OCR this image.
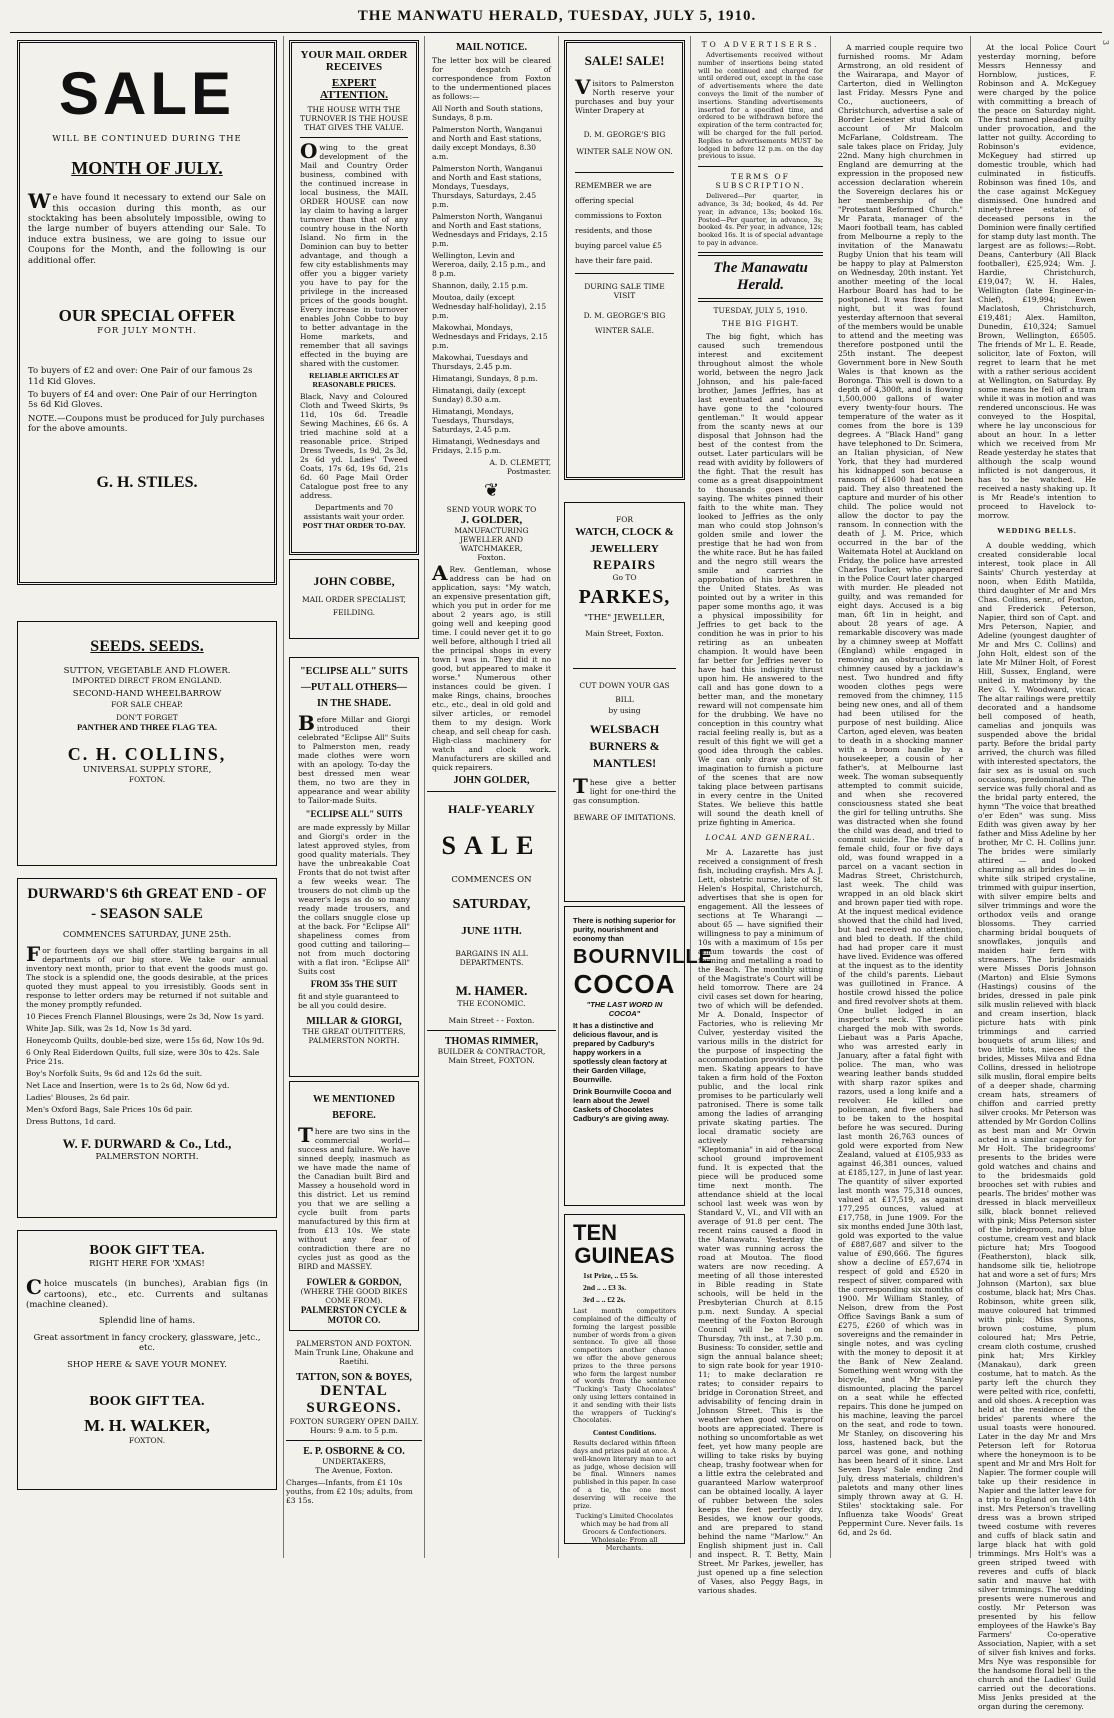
THE MANWATU HERALD, TUESDAY, JULY 5, 1910.
3
SALE
WILL BE CONTINUED DURING THE
MONTH OF JULY.

We have found it necessary to extend our Sale on this occasion during this month, as our stocktaking has been absolutely impossible, owing to the large number of buyers attending our Sale. To induce extra business, we are going to issue our Coupons for the Month, and the following is our additional offer.

OUR SPECIAL OFFER
FOR JULY MONTH.

To buyers of £2 and over: One Pair of our famous 2s 11d Kid Gloves.

To buyers of £4 and over: One Pair of our Herrington 5s 6d Kid Gloves.

NOTE.—Coupons must be produced for July purchases for the above amounts.

G. H. STILES.
SEEDS. SEEDS.
SUTTON, VEGETABLE AND FLOWER.
IMPORTED DIRECT FROM ENGLAND.
SECOND-HAND WHEELBARROW
FOR SALE CHEAP.
DON'T FORGET
PANTHER AND THREE FLAG TEA.
C. H. COLLINS,
UNIVERSAL SUPPLY STORE,
FOXTON.
DURWARD'S 6th GREAT END - OF - SEASON SALE
COMMENCES SATURDAY, JUNE 25th.

For fourteen days we shall offer startling bargains in all departments of our big store. We take our annual inventory next month, prior to that event the goods must go. The stock is a splendid one, the goods desirable, at the prices quoted they must appeal to you irresistibly. Goods sent in response to letter orders may be returned if not suitable and the money promptly refunded.

10 Pieces French Flannel Blousings, were 2s 3d, Now 1s yard.

White Jap. Silk, was 2s 1d, Now 1s 3d yard.

Honeycomb Quilts, double-bed size, were 15s 6d, Now 10s 9d.

6 Only Real Eiderdown Quilts, full size, were 30s to 42s. Sale Price 21s.

Boy's Norfolk Suits, 9s 6d and 12s 6d the suit.

Net Lace and Insertion, were 1s to 2s 6d, Now 6d yd.

Ladies' Blouses, 2s 6d pair.

Men's Oxford Bags, Sale Prices 10s 6d pair.

Dress Buttons, 1d card.

W. F. DURWARD & Co., Ltd.,
PALMERSTON NORTH.
BOOK GIFT TEA.
RIGHT HERE FOR 'XMAS!

Choice muscatels (in bunches), Arabian figs (in cartoons), etc., etc. Currents and sultanas (machine cleaned).

Splendid line of hams.
Great assortment in fancy crockery, glassware, jetc., etc.
SHOP HERE & SAVE YOUR MONEY.
BOOK GIFT TEA.
M. H. WALKER,
FOXTON.
YOUR MAIL ORDER RECEIVES
EXPERT ATTENTION.
THE HOUSE WITH THE TURNOVER IS THE HOUSE THAT GIVES THE VALUE.

Owing to the great development of the Mail and Country Order business, combined with the continued increase in local business, the MAIL ORDER HOUSE can now lay claim to having a larger turnover than that of any country house in the North Island. No firm in the Dominion can buy to better advantage, and though a few city establishments may offer you a bigger variety you have to pay for the privilege in the increased prices of the goods bought. Every increase in turnover enables John Cobbe to buy to better advantage in the Home markets, and remember that all savings effected in the buying are shared with the customer.

RELIABLE ARTICLES AT REASONABLE PRICES.

Black, Navy and Coloured Cloth and Tweed Skirts, 9s 11d, 10s 6d. Treadle Sewing Machines, £6 6s. A tried machine sold at a reasonable price. Striped Dress Tweeds, 1s 9d, 2s 3d, 2s 6d yd. Ladies' Tweed Coats, 17s 6d, 19s 6d, 21s 6d. 60 Page Mail Order Catalogue post free to any address.

Departments and 70 assistants wait your order.
POST THAT ORDER TO-DAY.
JOHN COBBE,
MAIL ORDER SPECIALIST,
FEILDING.
"ECLIPSE ALL" SUITS —PUT ALL OTHERS— IN THE SHADE.

Before Millar and Giorgi introduced their celebrated "Eclipse All" Suits to Palmerston men, ready made clothes were worn with an apology. To-day the best dressed men wear them, no two are they in appearance and wear ability to Tailor-made Suits.

"ECLIPSE ALL" SUITS

are made expressly by Millar and Giorgi's order in the latest approved styles, from good quality materials. They have the unbreakable Coat Fronts that do not twist after a few weeks wear. The trousers do not climb up the wearer's legs as do so many ready made trousers, and the collars snuggle close up at the back. For "Eclipse All" shapeliness comes from good cutting and tailoring—not from much doctoring with a flat iron. "Eclipse All" Suits cost

FROM 35s THE SUIT

fit and style guaranteed to be all you could desire.

MILLAR & GIORGI,
THE GREAT OUTFITTERS,
PALMERSTON NORTH.
WE MENTIONED BEFORE.

There are two sins in the commercial world—success and failure. We have sinned deeply, inasmuch as we have made the name of the Canadian built Bird and Massey a household word in this district. Let us remind you that we are selling a cycle built from parts manufactured by this firm at from £13 10s. We state without any fear of contradiction there are no cycles just as good as the BIRD and MASSEY.

FOWLER & GORDON,
(WHERE THE GOOD BIKES COME FROM).
PALMERSTON CYCLE & MOTOR CO.
PALMERSTON AND FOXTON.
Main Trunk Line, Ohakune and Raetihi.
TATTON, SON & BOYES,
DENTAL SURGEONS.
FOXTON SURGERY OPEN DAILY.
Hours: 9 a.m. to 5 p.m.
E. P. OSBORNE & CO.
UNDERTAKERS,
The Avenue, Foxton.

Charges—Infants, from £1 10s youths, from £2 10s; adults, from £3 15s.

MAIL NOTICE.

The letter box will be cleared for despatch of correspondence from Foxton to the undermentioned places as follows:—

All North and South stations, Sundays, 8 p.m.

Palmerston North, Wanganui and North and East stations, daily except Mondays, 8.30 a.m.

Palmerston North, Wanganui and North and East stations, Mondays, Tuesdays, Thursdays, Saturdays, 2.45 p.m.

Palmerston North, Wanganui and North and East stations, Wednesdays and Fridays, 2.15 p.m.

Wellington, Levin and Wereroa, daily, 2.15 p.m., and 8 p.m.

Shannon, daily, 2.15 p.m.

Moutoa, daily (except Wednesday half-holiday), 2.15 p.m.

Makowhai, Mondays, Wednesdays and Fridays, 2.15 p.m.

Makowhai, Tuesdays and Thursdays, 2.45 p.m.

Himatangi, Sundays, 8 p.m.

Himatangi, daily (except Sunday) 8.30 a.m.

Himatangi, Mondays, Tuesdays, Thursdays, Saturdays, 2.45 p.m.

Himatangi, Wednesdays and Fridays, 2.15 p.m.

A. D. CLEMETT,
Postmaster.
❦
SEND YOUR WORK TO
J. GOLDER,
MANUFACTURING JEWELLER AND WATCHMAKER,
Foxton.

ARev. Gentleman, whose address can be had on application, says: "My watch, an expensive presentation gift, which you put in order for me about 2 years ago, is still going well and keeping good time. I could never get it to go well before, although I tried all the principal shops in every town I was in. They did it no good, but appeared to make it worse." Numerous other instances could be given. I make Rings, chains, brooches etc., etc., deal in old gold and silver articles, or remodel them to my design. Work cheap, and sell cheap for cash. High-class machinery for watch and clock work. Manufacturers are skilled and quick repairers.

JOHN GOLDER,
HALF-YEARLY
SALE
COMMENCES ON
SATURDAY,
JUNE 11TH.
BARGAINS IN ALL DEPARTMENTS.
M. HAMER.
THE ECONOMIC.
Main Street - - Foxton.
THOMAS RIMMER,
BUILDER & CONTRACTOR,
Main Street, FOXTON.
SALE! SALE!

Visitors to Palmerston North reserve your purchases and buy your Winter Drapery at

D. M. GEORGE'S BIG WINTER SALE NOW ON.

REMEMBER we are offering special commissions to Foxton residents, and those buying parcel value £5 have their fare paid.

DURING SALE TIME VISIT
D. M. GEORGE'S BIG WINTER SALE.
FOR
WATCH, CLOCK & JEWELLERY
REPAIRS
Go TO
PARKES,
"THE" JEWELLER,
Main Street, Foxton.
CUT DOWN YOUR GAS BILL
by using
WELSBACH BURNERS & MANTLES!

These give a better light for one-third the gas consumption.

BEWARE OF IMITATIONS.

There is nothing superior for purity, nourishment and economy than

BOURNVILLE
COCOA
"THE LAST WORD IN COCOA"

It has a distinctive and delicious flavour, and is prepared by Cadbury's happy workers in a spotlessly clean factory at their Garden Village, Bournville.

Drink Bournville Cocoa and learn about the Jewel Caskets of Chocolates Cadbury's are giving away.

TEN
GUINEAS

1st Prize, .. £5 5s.

2nd .. .. £3 3s.

3rd .. .. £2 2s.

Last month competitors complained of the difficulty of forming the largest possible number of words from a given sentence. To give all those competitors another chance we offer the above generous prizes to the three persons who form the largest number of words from the sentence "Tucking's Tasty Chocolates" only using letters contained in it and sending with their lists the wrappers of Tucking's Chocolates.

Contest Conditions.

Results declared within fifteen days and prizes paid at once. A well-known literary man to act as judge, whose decision will be final. Winners names published in this paper. In case of a tie, the one most deserving will receive the prize.

Tucking's Limited Chocolates which may be had from all Grocers & Confectioners. Wholesale: From all Merchants.

TO ADVERTISERS.

Advertisements received without number of insertions being stated will be continued and charged for until ordered out, except in the case of advertisements where the date conveys the limit of the number of insertions. Standing advertisements inserted for a specified time, and ordered to be withdrawn before the expiration of the term contracted for, will be charged for the full period. Replies to advertisements MUST be lodged in before 12 p.m. on the day previous to issue.

TERMS OF SUBSCRIPTION.

Delivered—Per quarter, in advance, 3s 3d; booked, 4s 4d. Per year, in advance, 13s; booked 16s. Posted—Per quarter, in advance, 3s; booked 4s. Per year, in advance, 12s; booked 16s. It is of special advantage to pay in advance.

The Manawatu Herald.
TUESDAY, JULY 5, 1910.
THE BIG FIGHT.

The big fight, which has caused such tremendous interest and excitement throughout almost the whole world, between the negro Jack Johnson, and his pale-faced brother, James Jeffries, has at last eventuated and honours have gone to the "coloured gentleman." It would appear from the scanty news at our disposal that Johnson had the best of the contest from the outset. Later particulars will be read with avidity by followers of the fight. That the result has come as a great disappointment to thousands goes without saying. The whites pinned their faith to the white man. They looked to Jeffries as the only man who could stop Johnson's golden smile and lower the prestige that he had won from the white race. But he has failed and the negro still wears the smile and carries the approbation of his brethren in the United States. As was pointed out by a writer in this paper some months ago, it was a physical impossibility for Jeffries to get back to the condition he was in prior to his retiring as an unbeaten champion. It would have been far better for Jeffries never to have had this indignity thrust upon him. He answered to the call and has gone down to a better man, and the monetary reward will not compensate him for the drubbing. We have no conception in this country what racial feeling really is, but as a result of this fight we will get a good idea through the cables. We can only draw upon our imagination to furnish a picture of the scenes that are now taking place between partisans in every centre in the United States. We believe this battle will sound the death knell of prize fighting in America.

LOCAL AND GENERAL.

Mr A. Lazarette has just received a consignment of fresh fish, including crayfish. Mrs A. J. Lett, obstetric nurse, late of St. Helen's Hospital, Christchurch, advertises that she is open for engagement. All the lessees of sections at Te Wharangi — about 65 — have signified their willingness to pay a minimum of 10s with a maximum of 15s per annum towards the cost of forming and metalling a road to the Beach. The monthly sitting of the Magistrate's Court will be held tomorrow. There are 24 civil cases set down for hearing, two of which will be defended. Mr A. Donald, Inspector of Factories, who is relieving Mr Culver, yesterday visited the various mills in the district for the purpose of inspecting the accommodation provided for the men. Skating appears to have taken a firm hold of the Foxton public, and the local rink promises to be particularly well patronised. There is some talk among the ladies of arranging private skating parties. The local dramatic society are actively rehearsing "Kleptomania" in aid of the local school ground improvement fund. It is expected that the piece will be produced some time next month. The attendance shield at the local school last week was won by Standard V., VI., and VII with an average of 91.8 per cent. The recent rains caused a flood in the Manawatu. Yesterday the water was running across the road at Moutoa. The flood waters are now receding. A meeting of all those interested in Bible reading in State schools, will be held in the Presbyterian Church at 8.15 p.m. next Sunday. A special meeting of the Foxton Borough Council will be held on Thursday, 7th inst., at 7.30 p.m. Business: To consider, settle and sign the annual balance sheet; to sign rate book for year 1910-11; to make declaration re rates; to consider repairs to bridge in Coronation Street, and advisability of fencing drain in Johnson Street. This is the weather when good waterproof boots are appreciated. There is nothing so uncomfortable as wet feet, yet how many people are willing to take risks by buying cheap, trashy footwear when for a little extra the celebrated and guaranteed Marlow waterproof can be obtained locally. A layer of rubber between the soles keeps the feet perfectly dry. Besides, we know our goods, and are prepared to stand behind the name "Marlow." An English shipment just in. Call and inspect. R. T. Betty, Main Street. Mr Parkes, jeweller, has just opened up a fine selection of Vases, also Peggy Bags, in various shades.

A married couple require two furnished rooms. Mr Adam Armstrong, an old resident of the Wairarapa, and Mayor of Carterton, died in Wellington last Friday. Messrs Pyne and Co., auctioneers, of Christchurch, advertise a sale of Border Leicester stud flock on account of Mr Malcolm McFarlane, Coldstream. The sale takes place on Friday, July 22nd. Many high churchmen in England are demurring at the expression in the proposed new accession declaration wherein the Sovereign declares his or her membership of the "Protestant Reformed Church." Mr Parata, manager of the Maori football team, has cabled from Melbourne a reply to the invitation of the Manawatu Rugby Union that his team will be happy to play at Palmerston on Wednesday, 20th instant. Yet another meeting of the local Harbour Board has had to be postponed. It was fixed for last night, but it was found yesterday afternoon that several of the members would be unable to attend and the meeting was therefore postponed until the 25th instant. The deepest Government bore in New South Wales is that known as the Boronga. This well is down to a depth of 4,300ft, and is flowing 1,500,000 gallons of water every twenty-four hours. The temperature of the water as it comes from the bore is 139 degrees. A "Black Hand" gang have telephoned to Dr. Scimera, an Italian physician, of New York, that they had murdered his kidnapped son because a ransom of £1600 had not been paid. They also threatened the capture and murder of his other child. The police would not allow the doctor to pay the ransom. In connection with the death of J. M. Price, which occurred in the bar of the Waitemata Hotel at Auckland on Friday, the police have arrested Charles Tucker, who appeared in the Police Court later charged with murder. He pleaded not guilty, and was remanded for eight days. Accused is a big man, 6ft 1in in height, and about 28 years of age. A remarkable discovery was made by a chimney sweep at Moffatt (England) while engaged in removing an obstruction in a chimney caused by a jackdaw's nest. Two hundred and fifty wooden clothes pegs were removed from the chimney, 115 being new ones, and all of them had been utilised for the purpose of nest building. Alice Carton, aged eleven, was beaten to death in a shocking manner with a broom handle by a housekeeper, a cousin of her father's, at Melbourne last week. The woman subsequently attempted to commit suicide, and when she recovered consciousness stated she beat the girl for telling untruths. She was distracted when she found the child was dead, and tried to commit suicide. The body of a female child, four or five days old, was found wrapped in a parcel on a vacant section in Madras Street, Christchurch, last week. The child was wrapped in an old black skirt and brown paper tied with rope. At the inquest medical evidence showed that the child had lived, but had received no attention, and bled to death. If the child had had proper care it must have lived. Evidence was offered at the inquest as to the identity of the child's parents. Liebaut was guillotined in France. A hostile crowd hissed the police and fired revolver shots at them. One bullet lodged in an inspector's neck. The police charged the mob with swords. Liebaut was a Paris Apache, who was arrested early in January, after a fatal fight with police. The man, who was wearing leather bands studded with sharp razor spikes and razors, used a long knife and a revolver. He killed one policeman, and five others had to be taken to the hospital before he was secured. During last month 26,763 ounces of gold were exported from New Zealand, valued at £105,933 as against 46,381 ounces, valued at £185,127, in June of last year. The quantity of silver exported last month was 75,318 ounces, valued at £17,519, as against 177,295 ounces, valued at £17,758, in June 1909. For the six months ended June 30th last, gold was exported to the value of £887,687 and silver to the value of £90,666. The figures show a decline of £57,674 in respect of gold and £520 in respect of silver, compared with the corresponding six months of 1900. Mr William Stanley, of Nelson, drew from the Post Office Savings Bank a sum of £275, £260 of which was in sovereigns and the remainder in single notes, and was cycling with the money to deposit it at the Bank of New Zealand. Something went wrong with the bicycle, and Mr Stanley dismounted, placing the parcel on a seat while he effected repairs. This done he jumped on his machine, leaving the parcel on the seat, and rode to town. Mr Stanley, on discovering his loss, hastened back, but the parcel was gone, and nothing has been heard of it since. Last Seven Days' Sale ending 2nd July, dress materials, children's paletots and many other lines simply thrown away at G. H. Stiles' stocktaking sale. For Influenza take Woods' Great Peppermint Cure. Never fails. 1s 6d, and 2s 6d.

At the local Police Court yesterday morning, before Messrs Hennessy and Hornblow, justices, F. Robinson and A. McKeguey were charged by the police with committing a breach of the peace on Saturday night. The first named pleaded guilty under provocation, and the latter not guilty. According to Robinson's evidence, McKeguey had stirred up domestic trouble, which had culminated in fisticuffs. Robinson was fined 10s, and the case against McKeguey dismissed. One hundred and ninety-three estates of deceased persons in the Dominion were finally certified for stamp duty last month. The largest are as follows:—Robt. Deans, Canterbury (All Black footballer), £25,924; Wm. J. Hardie, Christchurch, £19,047; W. H. Hales, Wellington (late Engineer-in-Chief), £19,994; Ewen Maclatosh, Christchurch, £19,481; Alex. Hamilton, Dunedin, £10,324; Samuel Brown, Wellington, £6505. The friends of Mr L. E. Reade, solicitor, late of Foxton, will regret to learn that he met with a rather serious accident at Wellington, on Saturday. By some means he fell off a tram while it was in motion and was rendered unconscious. He was conveyed to the Hospital, where he lay unconscious for about an hour. In a letter which we received from Mr Reade yesterday he states that although the scalp wound inflicted is not dangerous, it has to be watched. He received a nasty shaking up. It is Mr Reade's intention to proceed to Havelock to-morrow.

WEDDING BELLS.

A double wedding, which created considerable local interest, took place in All Saints' Church yesterday at noon, when Edith Matilda, third daughter of Mr and Mrs Chas. Collins, senr., of Foxton, and Frederick Peterson, Napier, third son of Capt. and Mrs Peterson, Napier, and Adeline (youngest daughter of Mr and Mrs C. Collins) and John Holt, eldest son of the late Mr Milner Holt, of Forest Hill, Sussex, England, were united in matrimony by the Rev G. Y. Woodward, vicar. The altar railings were prettily decorated and a handsome bell composed of heath, camelias and jonquils was suspended above the bridal party. Before the bridal party arrived, the church was filled with interested spectators, the fair sex as is usual on such occasions, predominated. The service was fully choral and as the bridal party entered, the hymn "The voice that breathed o'er Eden" was sung. Miss Edith was given away by her father and Miss Adeline by her brother, Mr C. H. Collins junr. The brides were similarly attired — and looked charming as all brides do — in white silk striped crystaline, trimmed with guipur insertion, with silver empire belts and silver trimmings and wore the orthodox veils and orange blossoms. They carried charming bridal bouquets of snowflakes, jonquils and maiden hair fern with streamers. The bridesmaids were Misses Doris Johnson (Marton) and Elsie Symons (Hastings) cousins of the brides, dressed in pale pink silk muslin relieved with black and cream insertion, black picture hats with pink trimmings and carried bouquets of arum lilies; and two little tots, nieces of the brides, Misses Milva and Edna Collins, dressed in heliotrope silk muslin, floral empire belts of a deeper shade, charming cream hats, streamers of chiffon and carried pretty silver crooks. Mr Peterson was attended by Mr Gordon Collins as best man and Mr Orwin acted in a similar capacity for Mr Holt. The bridegrooms' presents to the brides were gold watches and chains and to the bridesmaids gold brooches set with rubies and pearls. The brides' mother was dressed in black merveilleux silk, black bonnet relieved with pink; Miss Peterson sister of the bridegroom, navy blue costume, cream vest and black picture hat; Mrs Toogood (Featherston), black silk, handsome silk tie, heliotrope hat and wore a set of furs; Mrs Johnson (Marton), sax blue costume, black hat; Mrs Chas. Robinson, white green silk, mauve coloured hat trimmed with pink; Miss Symons, brown costume, plum coloured hat; Mrs Petrie, cream cloth costume, crushed pink hat; Mrs Kirkley (Manakau), dark green costume, hat to match. As the party left the church they were pelted with rice, confetti, and old shoes. A reception was held at the residence of the brides' parents where the usual toasts were honoured. Later in the day Mr and Mrs Peterson left for Rotorua where the honeymoon is to be spent and Mr and Mrs Holt for Napier. The former couple will take up their residence in Napier and the latter leave for a trip to England on the 14th inst. Mrs Peterson's travelling dress was a brown striped tweed costume with reveres and cuffs of black satin and large black hat with gold trimmings. Mrs Holt's was a green striped tweed with reveres and cuffs of black satin and mauve hat with silver trimmings. The wedding presents were numerous and costly. Mr Peterson was presented by his fellow employees of the Hawke's Bay Farmers' Co-operative Association, Napier, with a set of silver fish knives and forks. Mrs Nye was responsible for the handsome floral bell in the church and the Ladies' Guild carried out the decorations. Miss Jenks presided at the organ during the ceremony.
